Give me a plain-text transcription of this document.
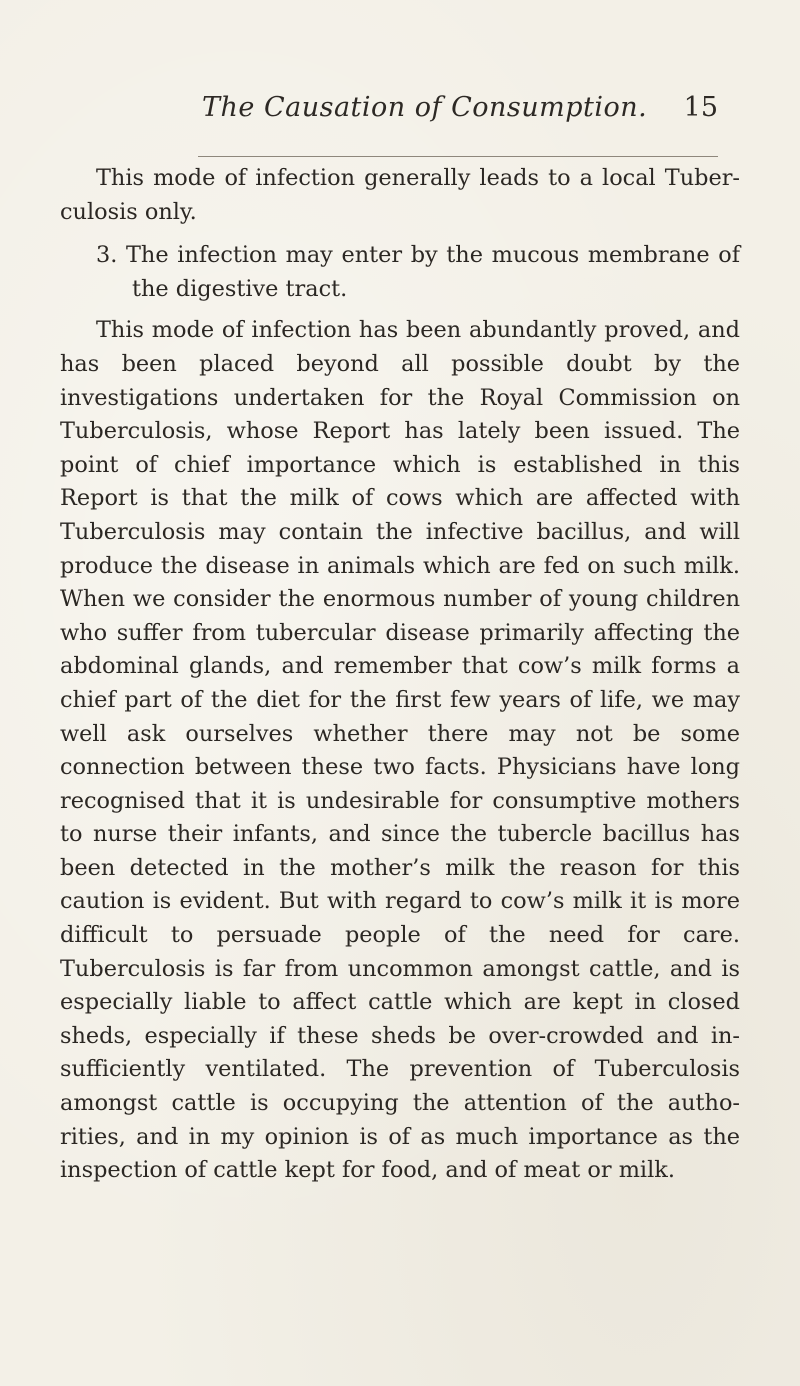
The Causation of Consumption. 15

This mode of infection generally leads to a local Tuber-culosis only.

3. The infection may enter by the mucous membrane of the digestive tract.

This mode of infection has been abundantly proved, and has been placed beyond all possible doubt by the investigations undertaken for the Royal Commission on Tuberculosis, whose Report has lately been issued. The point of chief importance which is established in this Report is that the milk of cows which are affected with Tuberculosis may contain the infective bacillus, and will produce the disease in animals which are fed on such milk. When we consider the enormous number of young children who suffer from tubercular disease primarily affecting the abdominal glands, and remember that cow’s milk forms a chief part of the diet for the first few years of life, we may well ask ourselves whether there may not be some connection between these two facts. Physicians have long recognised that it is undesirable for consumptive mothers to nurse their infants, and since the tubercle bacillus has been detected in the mother’s milk the reason for this caution is evident. But with regard to cow’s milk it is more difficult to persuade people of the need for care. Tuberculosis is far from uncommon amongst cattle, and is especially liable to affect cattle which are kept in closed sheds, especially if these sheds be over-crowded and in-sufficiently ventilated. The prevention of Tuberculosis amongst cattle is occupying the attention of the autho-rities, and in my opinion is of as much importance as the inspection of cattle kept for food, and of meat or milk.
